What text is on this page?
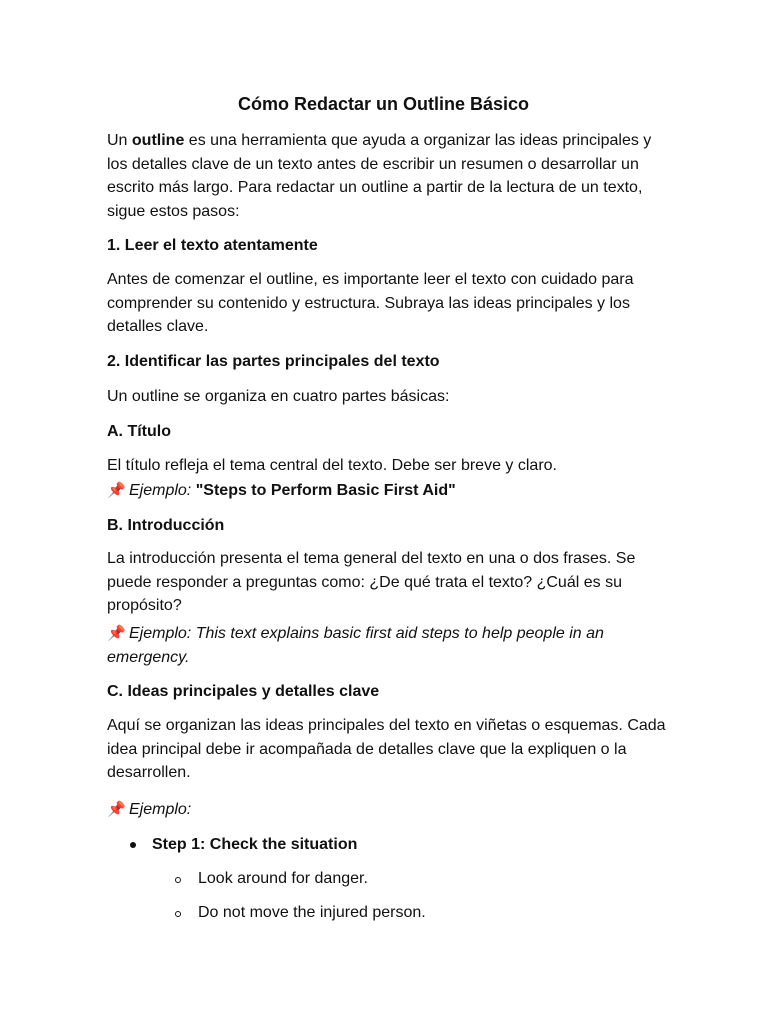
Cómo Redactar un Outline Básico

Un outline es una herramienta que ayuda a organizar las ideas principales y los detalles clave de un texto antes de escribir un resumen o desarrollar un escrito más largo. Para redactar un outline a partir de la lectura de un texto, sigue estos pasos:

1. Leer el texto atentamente

Antes de comenzar el outline, es importante leer el texto con cuidado para comprender su contenido y estructura. Subraya las ideas principales y los detalles clave.

2. Identificar las partes principales del texto

Un outline se organiza en cuatro partes básicas:

A. Título

El título refleja el tema central del texto. Debe ser breve y claro.

📌 Ejemplo: "Steps to Perform Basic First Aid"

B. Introducción

La introducción presenta el tema general del texto en una o dos frases. Se puede responder a preguntas como: ¿De qué trata el texto? ¿Cuál es su propósito?

📌 Ejemplo: This text explains basic first aid steps to help people in an emergency.

C. Ideas principales y detalles clave

Aquí se organizan las ideas principales del texto en viñetas o esquemas. Cada idea principal debe ir acompañada de detalles clave que la expliquen o la desarrollen.

📌 Ejemplo:

Step 1: Check the situation
Look around for danger.
Do not move the injured person.
